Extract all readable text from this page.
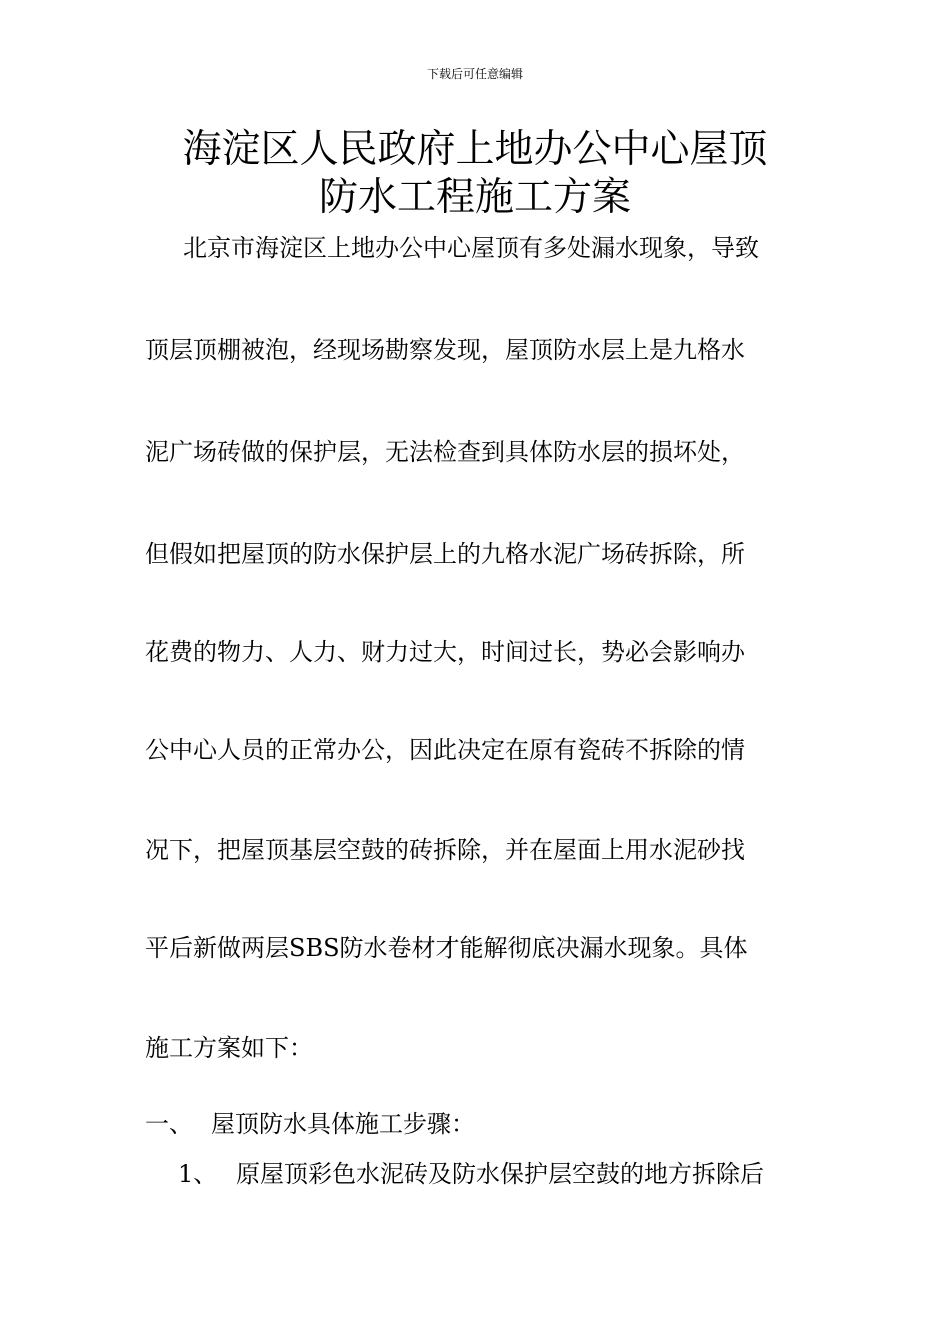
下载后可任意编辑
海淀区人民政府上地办公中心屋顶
防水工程施工方案

北京市海淀区上地办公中心屋顶有多处漏水现象，导致

顶层顶棚被泡，经现场勘察发现，屋顶防水层上是九格水

泥广场砖做的保护层，无法检查到具体防水层的损坏处，

但假如把屋顶的防水保护层上的九格水泥广场砖拆除，所

花费的物力、人力、财力过大，时间过长，势必会影响办

公中心人员的正常办公，因此决定在原有瓷砖不拆除的情

况下，把屋顶基层空鼓的砖拆除，并在屋面上用水泥砂找

平后新做两层SBS防水卷材才能解彻底决漏水现象。具体

施工方案如下：

一、 屋顶防水具体施工步骤：

1、 原屋顶彩色水泥砖及防水保护层空鼓的地方拆除后
